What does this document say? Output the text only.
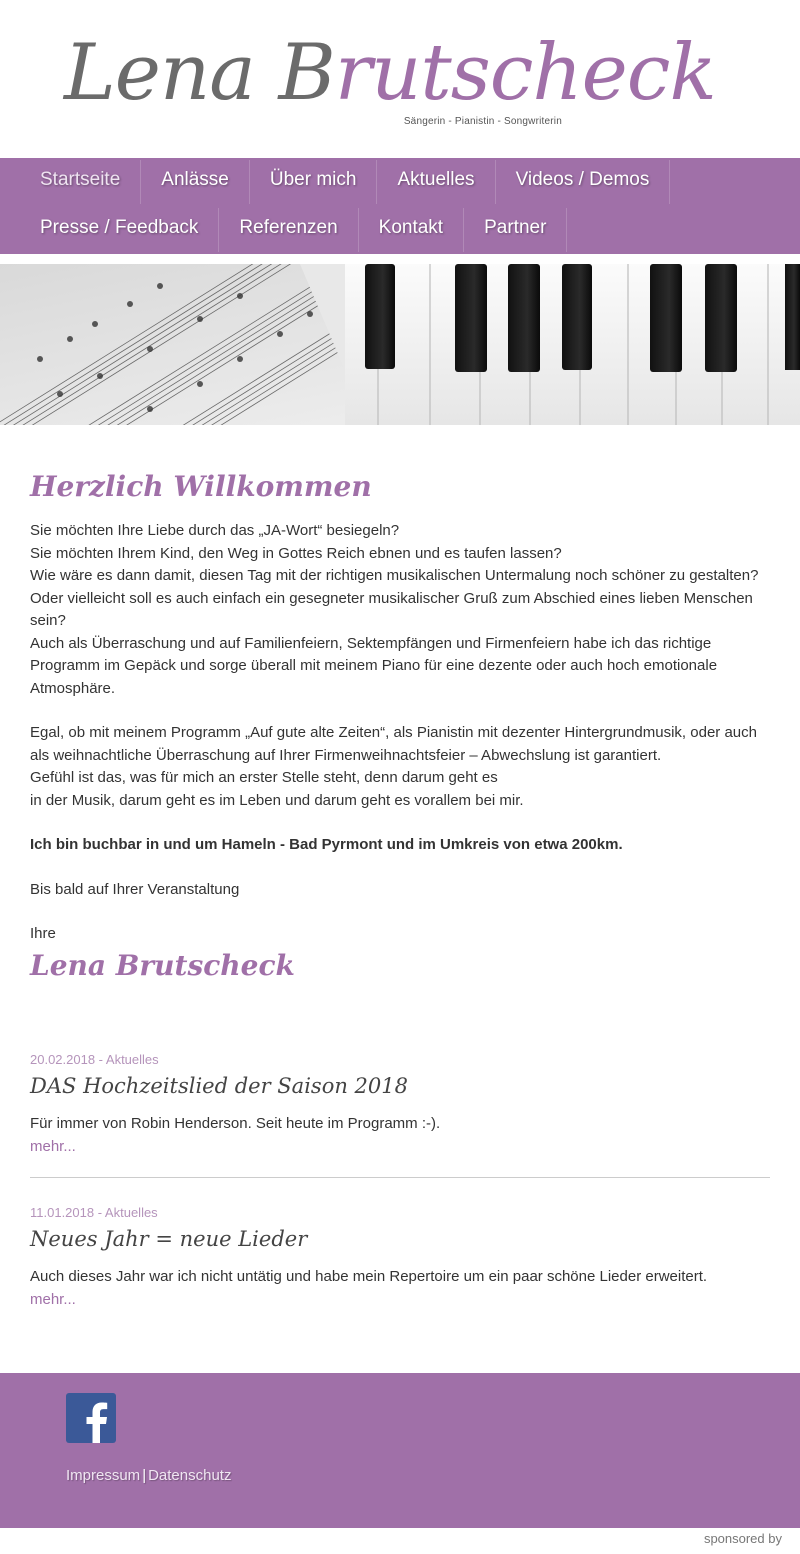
Lena Brutscheck
Sängerin - Pianistin - Songwriterin
Startseite	Anlässe	Über mich	Aktuelles	Videos / Demos
Presse / Feedback	Referenzen	Kontakt	Partner
Herzlich Willkommen

Sie möchten Ihre Liebe durch das „JA-Wort“ besiegeln?

Sie möchten Ihrem Kind, den Weg in Gottes Reich ebnen und es taufen lassen?

Wie wäre es dann damit, diesen Tag mit der richtigen musikalischen Untermalung noch schöner zu gestalten?

Oder vielleicht soll es auch einfach ein gesegneter musikalischer Gruß zum Abschied eines lieben Menschen sein?

Auch als Überraschung und auf Familienfeiern, Sektempfängen und Firmenfeiern habe ich das richtige Programm im Gepäck und sorge überall mit meinem Piano für eine dezente oder auch hoch emotionale Atmosphäre.

Egal, ob mit meinem Programm „Auf gute alte Zeiten“, als Pianistin mit dezenter Hintergrundmusik, oder auch als weihnachtliche Überraschung auf Ihrer Firmenweihnachtsfeier – Abwechslung ist garantiert.

Gefühl ist das, was für mich an erster Stelle steht, denn darum geht es

in der Musik, darum geht es im Leben und darum geht es vorallem bei mir.

Ich bin buchbar in und um Hameln - Bad Pyrmont und im Umkreis von etwa 200km.

Bis bald auf Ihrer Veranstaltung

Ihre

Lena Brutscheck
20.02.2018 - Aktuelles
DAS Hochzeitslied der Saison 2018
Für immer von Robin Henderson. Seit heute im Programm :-).
mehr...
11.01.2018 - Aktuelles
Neues Jahr = neue Lieder
Auch dieses Jahr war ich nicht untätig und habe mein Repertoire um ein paar schöne Lieder erweitert.
mehr...
Impressum | Datenschutz
sponsored by
